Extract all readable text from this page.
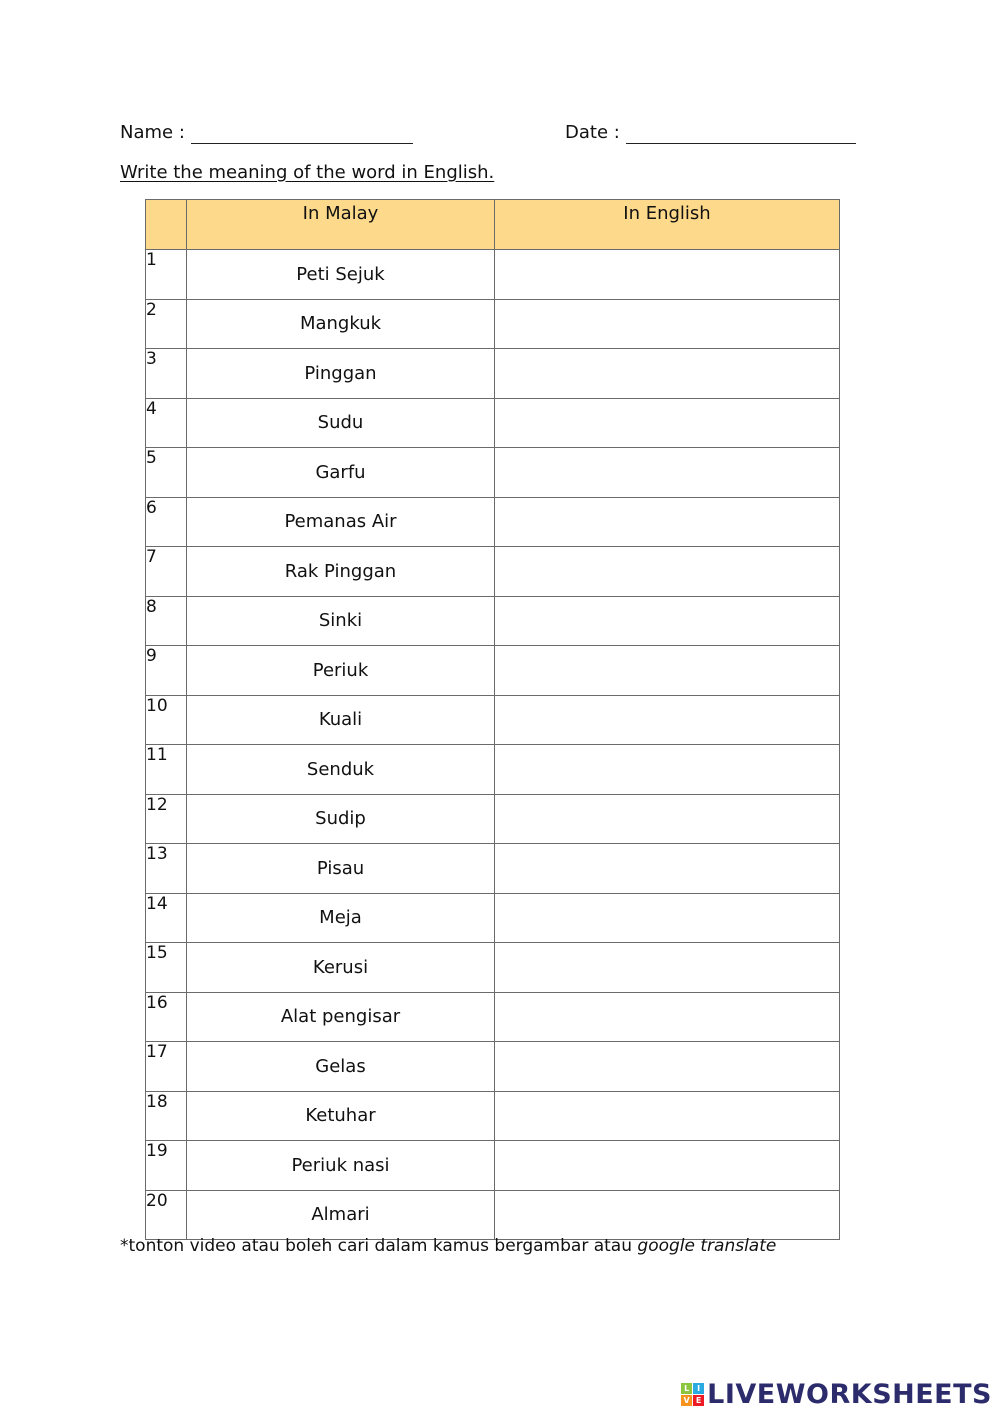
Name :	Date :
Write the meaning of the word in English.
	In Malay	In English
1	Peti Sejuk	
2	Mangkuk	
3	Pinggan	
4	Sudu	
5	Garfu	
6	Pemanas Air	
7	Rak Pinggan	
8	Sinki	
9	Periuk	
10	Kuali	
11	Senduk	
12	Sudip	
13	Pisau	
14	Meja	
15	Kerusi	
16	Alat pengisar	
17	Gelas	
18	Ketuhar	
19	Periuk nasi	
20	Almari	
*tonton video atau boleh cari dalam kamus bergambar atau google translate
L I
V E LIVEWORKSHEETS
